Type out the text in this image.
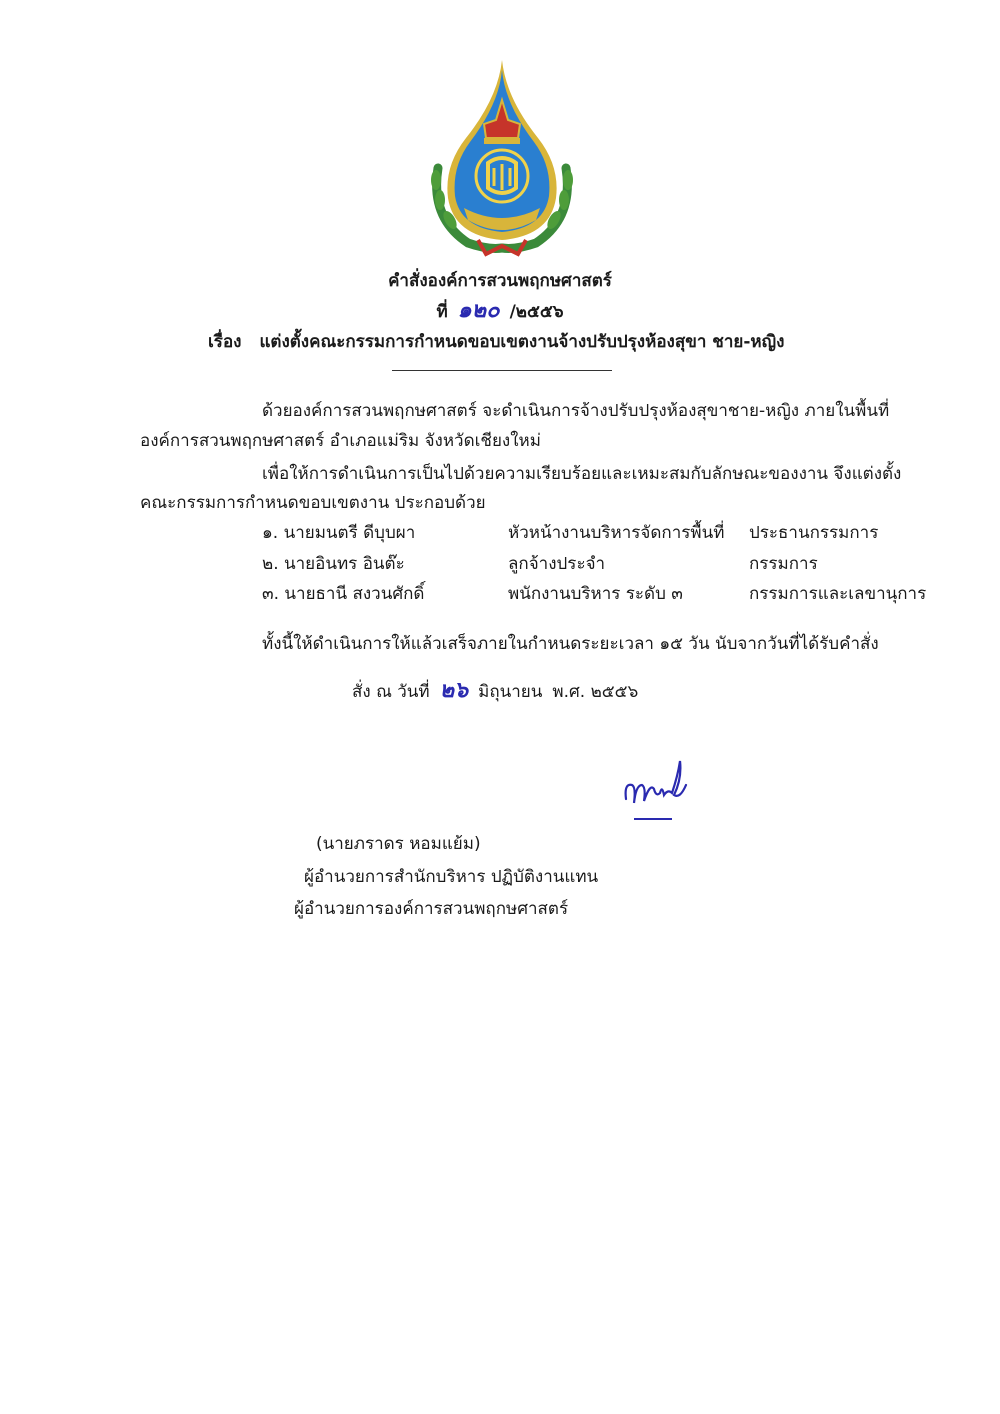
คำสั่งองค์การสวนพฤกษศาสตร์
ที่ ๑๒๐ /๒๕๕๖
เรื่อง แต่งตั้งคณะกรรมการกำหนดขอบเขตงานจ้างปรับปรุงห้องสุขา ชาย-หญิง
ด้วยองค์การสวนพฤกษศาสตร์ จะดำเนินการจ้างปรับปรุงห้องสุขาชาย-หญิง ภายในพื้นที่
องค์การสวนพฤกษศาสตร์ อำเภอแม่ริม จังหวัดเชียงใหม่
เพื่อให้การดำเนินการเป็นไปด้วยความเรียบร้อยและเหมะสมกับลักษณะของงาน จึงแต่งตั้ง
คณะกรรมการกำหนดขอบเขตงาน ประกอบด้วย
๑. นายมนตรี ดีบุบผา	หัวหน้างานบริหารจัดการพื้นที่ ประธานกรรมการ
๒. นายอินทร อินต๊ะ	ลูกจ้างประจำ	กรรมการ
๓. นายธานี สงวนศักดิ์	พนักงานบริหาร ระดับ ๓	กรรมการและเลขานุการ
ทั้งนี้ให้ดำเนินการให้แล้วเสร็จภายในกำหนดระยะเวลา ๑๕ วัน นับจากวันที่ได้รับคำสั่ง
สั่ง ณ วันที่ ๒๖ มิถุนายน พ.ศ. ๒๕๕๖
(นายภราดร หอมแย้ม)
ผู้อำนวยการสำนักบริหาร ปฏิบัติงานแทน
ผู้อำนวยการองค์การสวนพฤกษศาสตร์
